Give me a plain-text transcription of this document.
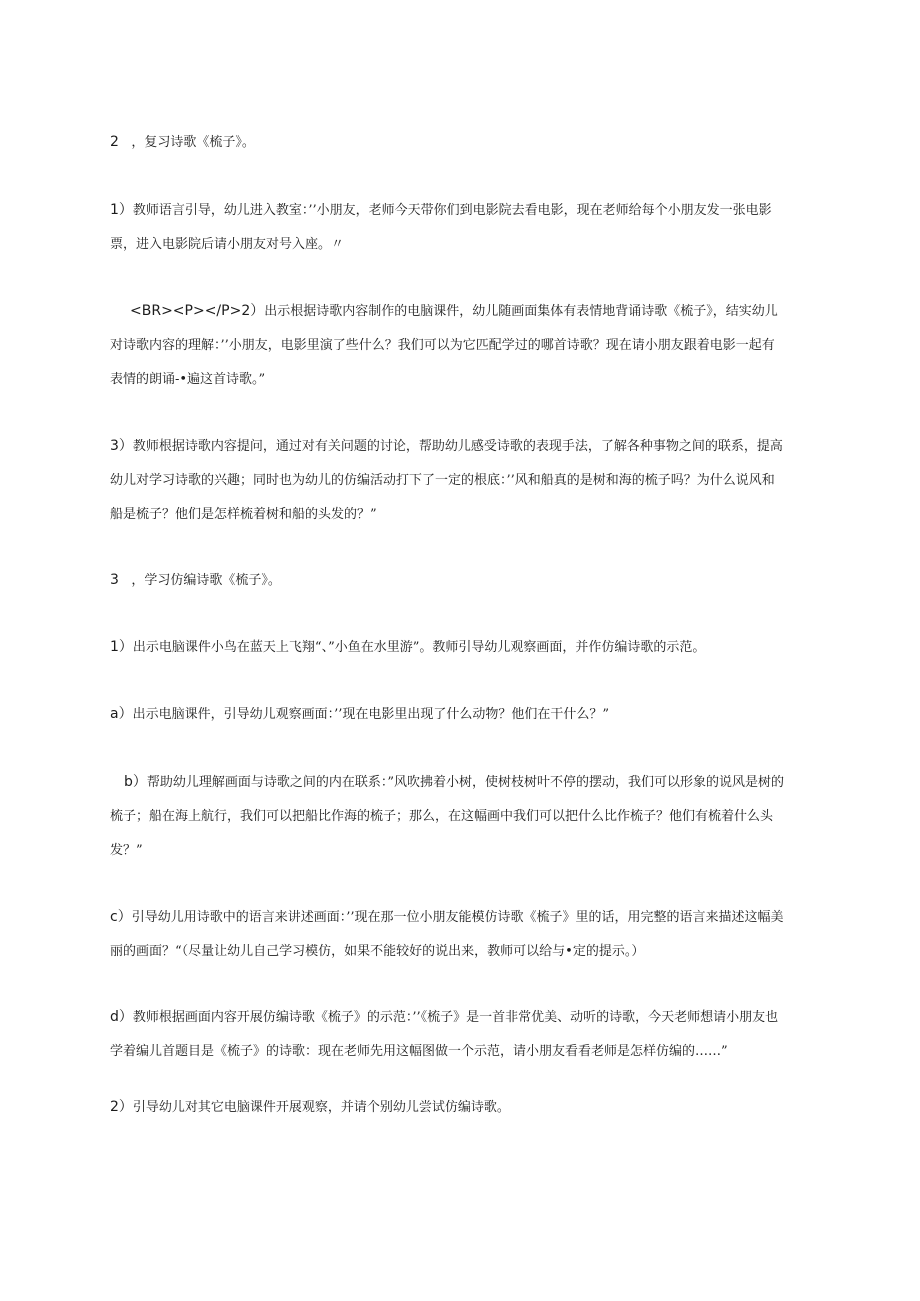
2 ，复习诗歌《梳子》。

1）教师语言引导，幼儿进入教室：’’小朋友，老师今天带你们到电影院去看电影，现在老师给每个小朋友发一张电影票，进入电影院后请小朋友对号入座。〃

<BR><P></P>2）出示根据诗歌内容制作的电脑课件，幼儿随画面集体有表情地背诵诗歌《梳子》，结实幼儿对诗歌内容的理解：’’小朋友，电影里演了些什么？我们可以为它匹配学过的哪首诗歌？现在请小朋友跟着电影一起有表情的朗诵-•遍这首诗歌。”

3）教师根据诗歌内容提问，通过对有关问题的讨论，帮助幼儿感受诗歌的表现手法，了解各种事物之间的联系，提高幼儿对学习诗歌的兴趣；同时也为幼儿的仿编活动打下了一定的根底：’’风和船真的是树和海的梳子吗？为什么说风和船是梳子？他们是怎样梳着树和船的头发的？”

3 ，学习仿编诗歌《梳子》。

1）出示电脑课件小鸟在蓝天上飞翔“、”小鱼在水里游”。教师引导幼儿观察画面，并作仿编诗歌的示范。

a）出示电脑课件，引导幼儿观察画面：’’现在电影里出现了什么动物？他们在干什么？”

b）帮助幼儿理解画面与诗歌之间的内在联系：”风吹拂着小树，使树枝树叶不停的摆动，我们可以形象的说风是树的梳子；船在海上航行，我们可以把船比作海的梳子；那么，在这幅画中我们可以把什么比作梳子？他们有梳着什么头发？”

c）引导幼儿用诗歌中的语言来讲述画面：’’现在那一位小朋友能模仿诗歌《梳子》里的话，用完整的语言来描述这幅美丽的画面？“（尽量让幼儿自己学习模仿，如果不能较好的说出来，教师可以给与•定的提示。）

d）教师根据画面内容开展仿编诗歌《梳子》的示范：’’《梳子》是一首非常优美、动听的诗歌，今天老师想请小朋友也学着编儿首题目是《梳子》的诗歌：现在老师先用这幅图做一个示范，请小朋友看看老师是怎样仿编的……”

2）引导幼儿对其它电脑课件开展观察，并请个别幼儿尝试仿编诗歌。
